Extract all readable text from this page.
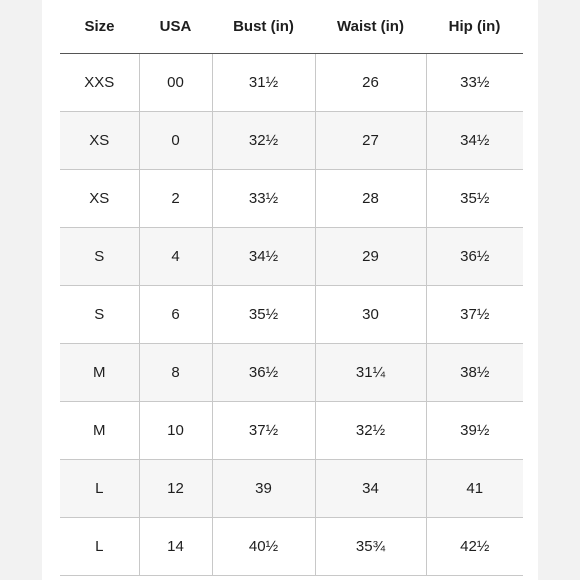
Size	USA	Bust (in)	Waist (in)	Hip (in)
XXS	00	31½	26	33½
XS	0	32½	27	34½
XS	2	33½	28	35½
S	4	34½	29	36½
S	6	35½	30	37½
M	8	36½	31¼	38½
M	10	37½	32½	39½
L	12	39	34	41
L	14	40½	35¾	42½
